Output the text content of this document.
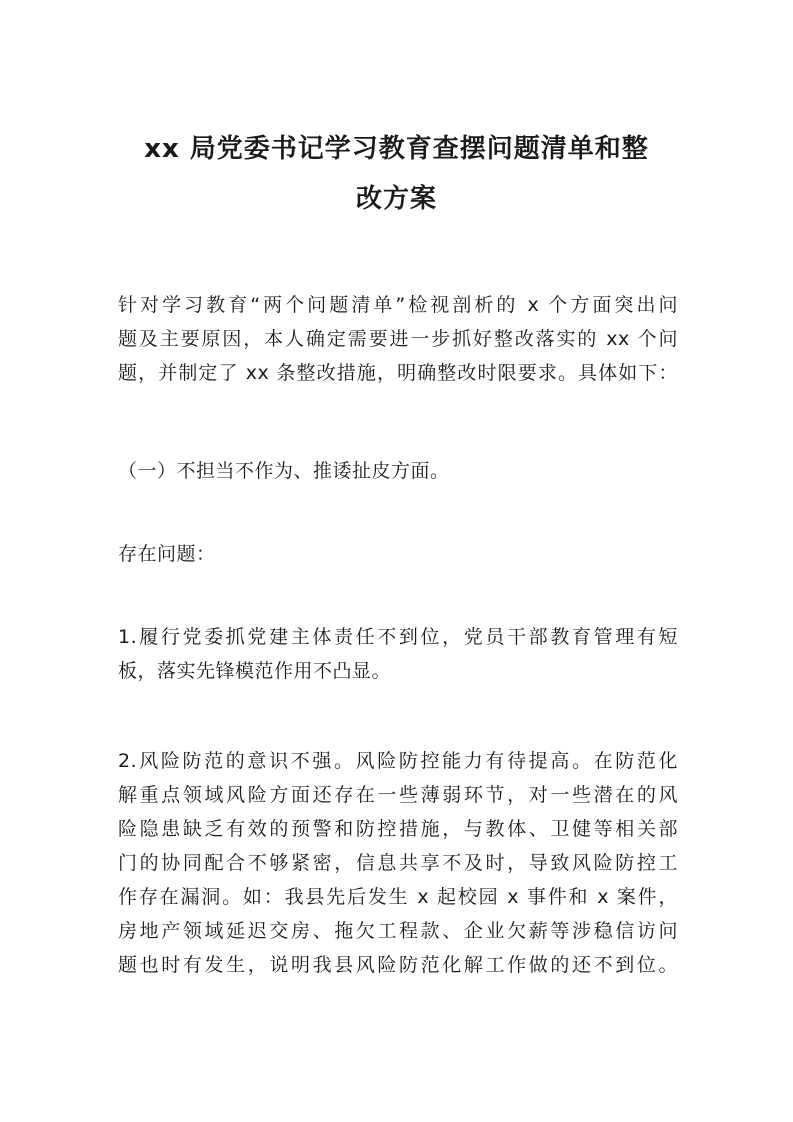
xx 局党委书记学习教育查摆问题清单和整
改方案
针对学习教育“两个问题清单”检视剖析的 x 个方面突出问
题及主要原因，本人确定需要进一步抓好整改落实的 xx 个问
题，并制定了 xx 条整改措施，明确整改时限要求。具体如下：
（一）不担当不作为、推诿扯皮方面。
存在问题：
1.履行党委抓党建主体责任不到位，党员干部教育管理有短
板，落实先锋模范作用不凸显。
2.风险防范的意识不强。风险防控能力有待提高。在防范化
解重点领域风险方面还存在一些薄弱环节，对一些潜在的风
险隐患缺乏有效的预警和防控措施，与教体、卫健等相关部
门的协同配合不够紧密，信息共享不及时，导致风险防控工
作存在漏洞。如：我县先后发生 x 起校园 x 事件和 x 案件，
房地产领域延迟交房、拖欠工程款、企业欠薪等涉稳信访问
题也时有发生，说明我县风险防范化解工作做的还不到位。
